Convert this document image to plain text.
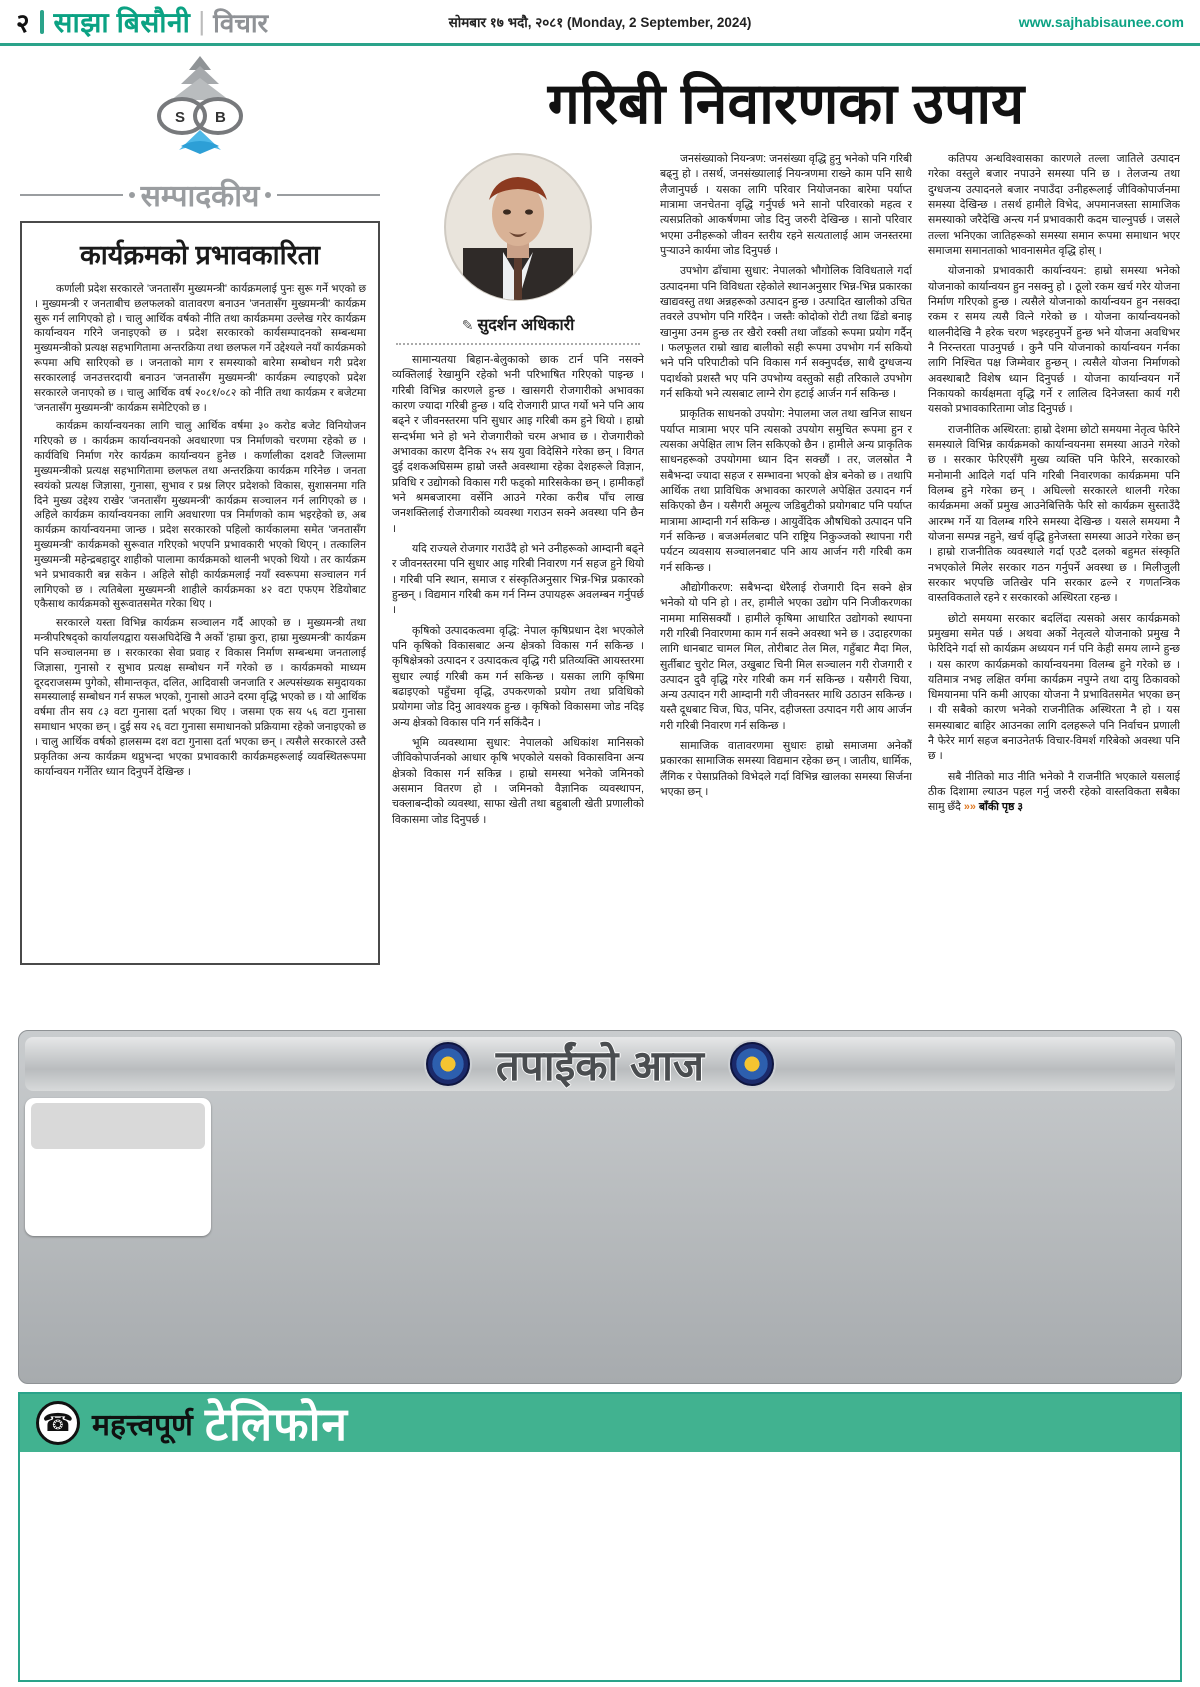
२ साझा बिसौनी | विचार	सोमबार १७ भदौ, २०८१ (Monday, 2 September, 2024)	www.sajhabisaunee.com
गरिबी निवारणका उपाय
S B
सम्पादकीय
कार्यक्रमको प्रभावकारिता

कर्णाली प्रदेश सरकारले 'जनतासँग मुख्यमन्त्री' कार्यक्रमलाई पुनः सुरू गर्ने भएको छ । मुख्यमन्त्री र जनताबीच छलफलको वातावरण बनाउन 'जनतासँग मुख्यमन्त्री' कार्यक्रम सुरू गर्न लागिएको हो । चालु आर्थिक वर्षको नीति तथा कार्यक्रममा उल्लेख गरेर कार्यक्रम कार्यान्वयन गरिने जनाइएको छ । प्रदेश सरकारको कार्यसम्पादनको सम्बन्धमा मुख्यमन्त्रीको प्रत्यक्ष सहभागितामा अन्तरक्रिया तथा छलफल गर्ने उद्देश्यले नयाँ कार्यक्रमको रूपमा अघि सारिएको छ । जनताको माग र समस्याको बारेमा सम्बोधन गरी प्रदेश सरकारलाई जनउत्तरदायी बनाउन 'जनतासँग मुख्यमन्त्री' कार्यक्रम ल्याइएको प्रदेश सरकारले जनाएको छ । चालु आर्थिक वर्ष २०८१/०८२ को नीति तथा कार्यक्रम र बजेटमा 'जनतासँग मुख्यमन्त्री' कार्यक्रम समेटिएको छ ।

कार्यक्रम कार्यान्वयनका लागि चालु आर्थिक वर्षमा ३० करोड बजेट विनियोजन गरिएको छ । कार्यक्रम कार्यान्वयनको अवधारणा पत्र निर्माणको चरणमा रहेको छ । कार्यविधि निर्माण गरेर कार्यक्रम कार्यान्वयन हुनेछ । कर्णालीका दशवटै जिल्लामा मुख्यमन्त्रीको प्रत्यक्ष सहभागितामा छलफल तथा अन्तरक्रिया कार्यक्रम गरिनेछ । जनता स्वयंको प्रत्यक्ष जिज्ञासा, गुनासा, सुभाव र प्रश्न लिएर प्रदेशको विकास, सुशासनमा गति दिने मुख्य उद्देश्य राखेर 'जनतासँग मुख्यमन्त्री' कार्यक्रम सञ्चालन गर्न लागिएको छ । अहिले कार्यक्रम कार्यान्वयनका लागि अवधारणा पत्र निर्माणको काम भइरहेको छ, अब कार्यक्रम कार्यान्वयनमा जान्छ । प्रदेश सरकारको पहिलो कार्यकालमा समेत 'जनतासँग मुख्यमन्त्री' कार्यक्रमको सुरूवात गरिएको भएपनि प्रभावकारी भएको थिएन् । तत्कालिन मुख्यमन्त्री महेन्द्रबहादुर शाहीको पालामा कार्यक्रमको थालनी भएको थियो । तर कार्यक्रम भने प्रभावकारी बन्न सकेन । अहिले सोही कार्यक्रमलाई नयाँ स्वरूपमा सञ्चालन गर्न लागिएको छ । त्यतिबेला मुख्यमन्त्री शाहीले कार्यक्रमका ४२ वटा एफएम रेडियोबाट एकैसाथ कार्यक्रमको सुरूवातसमेत गरेका थिए ।

सरकारले यस्ता विभिन्न कार्यक्रम सञ्चालन गर्दै आएको छ । मुख्यमन्त्री तथा मन्त्रीपरिषद्को कार्यालयद्वारा यसअघिदेखि नै अर्को 'हाम्रा कुरा, हाम्रा मुख्यमन्त्री' कार्यक्रम पनि सञ्चालनमा छ । सरकारका सेवा प्रवाह र विकास निर्माण सम्बन्धमा जनतालाई जिज्ञासा, गुनासो र सुभाव प्रत्यक्ष सम्बोधन गर्ने गरेको छ । कार्यक्रमको माध्यम दूरदराजसम्म पुगेको, सीमान्तकृत, दलित, आदिवासी जनजाति र अल्पसंख्यक समुदायका समस्यालाई सम्बोधन गर्न सफल भएको, गुनासो आउने दरमा वृद्धि भएको छ । यो आर्थिक वर्षमा तीन सय ८३ वटा गुनासा दर्ता भएका थिए । जसमा एक सय ५६ वटा गुनासा समाधान भएका छन् । दुई सय २६ वटा गुनासा समाधानको प्रक्रियामा रहेको जनाइएको छ । चालु आर्थिक वर्षको हालसम्म दश वटा गुनासा दर्ता भएका छन् । त्यसैले सरकारले उस्तै प्रकृतिका अन्य कार्यक्रम थप्नुभन्दा भएका प्रभावकारी कार्यक्रमहरूलाई व्यवस्थितरूपमा कार्यान्वयन गर्नेतिर ध्यान दिनुपर्ने देखिन्छ ।

✎ सुदर्शन अधिकारी

सामान्यतया बिहान-बेलुकाको छाक टार्न पनि नसक्ने व्यक्तिलाई रेखामुनि रहेको भनी परिभाषित गरिएको पाइन्छ । गरिबी विभिन्न कारणले हुन्छ । खासगरी रोजगारीको अभावका कारण ज्यादा गरिबी हुन्छ । यदि रोजगारी प्राप्त गर्यो भने पनि आय बढ्ने र जीवनस्तरमा पनि सुधार आइ गरिबी कम हुने थियो । हाम्रो सन्दर्भमा भने हो भने रोजगारीको चरम अभाव छ । रोजगारीको अभावका कारण दैनिक २५ सय युवा विदेसिने गरेका छन् । विगत दुई दशकअघिसम्म हाम्रो जस्तै अवस्थामा रहेका देशहरूले विज्ञान, प्रविधि र उद्योगको विकास गरी फड्को मारिसकेका छन् । हामीकहाँ भने श्रमबजारमा वर्सेनि आउने गरेका करीब पाँच लाख जनशक्तिलाई रोजगारीको व्यवस्था गराउन सक्ने अवस्था पनि छैन ।

यदि राज्यले रोजगार गराउँदै हो भने उनीहरूको आम्दानी बढ्ने र जीवनस्तरमा पनि सुधार आइ गरिबी निवारण गर्न सहज हुने थियो । गरिबी पनि स्थान, समाज र संस्कृतिअनुसार भिन्न-भिन्न प्रकारको हुन्छन् । विद्यमान गरिबी कम गर्न निम्न उपायहरू अवलम्बन गर्नुपर्छ ।

कृषिको उत्पादकत्वमा वृद्धि: नेपाल कृषिप्रधान देश भएकोले पनि कृषिको विकासबाट अन्य क्षेत्रको विकास गर्न सकिन्छ । कृषिक्षेत्रको उत्पादन र उत्पादकत्व वृद्धि गरी प्रतिव्यक्ति आयस्तरमा सुधार ल्याई गरिबी कम गर्न सकिन्छ । यसका लागि कृषिमा बढाइएको पहुँचमा वृद्धि, उपकरणको प्रयोग तथा प्रविधिको प्रयोगमा जोड दिनु आवश्यक हुन्छ । कृषिको विकासमा जोड नदिइ अन्य क्षेत्रको विकास पनि गर्न सकिंदैन ।

भूमि व्यवस्थामा सुधार: नेपालको अधिकांश मानिसको जीविकोपार्जनको आधार कृषि भएकोले यसको विकासविना अन्य क्षेत्रको विकास गर्न सकिन्न । हाम्रो समस्या भनेको जमिनको असमान वितरण हो । जमिनको वैज्ञानिक व्यवस्थापन, चक्लाबन्दीको व्यवस्था, साफा खेती तथा बहुबाली खेती प्रणालीको विकासमा जोड दिनुपर्छ ।

जनसंख्याको नियन्त्रण: जनसंख्या वृद्धि हुनु भनेको पनि गरिबी बढ्नु हो । तसर्थ, जनसंख्यालाई नियन्त्रणमा राख्ने काम पनि साथै लैजानुपर्छ । यसका लागि परिवार नियोजनका बारेमा पर्याप्त मात्रामा जनचेतना वृद्धि गर्नुपर्छ भने सानो परिवारको महत्व र त्यसप्रतिको आकर्षणमा जोड दिनु जरुरी देखिन्छ । सानो परिवार भएमा उनीहरूको जीवन स्तरीय रहने सत्यतालाई आम जनस्तरमा पुऱ्याउने कार्यमा जोड दिनुपर्छ ।

उपभोग ढाँचामा सुधार: नेपालको भौगोलिक विविधताले गर्दा उत्पादनमा पनि विविधता रहेकोले स्थानअनुसार भिन्न-भिन्न प्रकारका खाद्यवस्तु तथा अन्नहरूको उत्पादन हुन्छ । उत्पादित खालीको उचित तवरले उपभोग पनि गरिंदैन । जस्तैः कोदोको रोटी तथा ढिंडो बनाइ खानुमा उनम हुन्छ तर खैरो रक्सी तथा जाँडको रूपमा प्रयोग गर्दैन् । फलफूलत राम्रो खाद्य बालीको सही रूपमा उपभोग गर्न सकियो भने पनि परिपाटीको पनि विकास गर्न सक्नुपर्दछ, साथै दुग्धजन्य पदार्थको प्रशस्तै भए पनि उपभोग्य वस्तुको सही तरिकाले उपभोग गर्न सकियो भने त्यसबाट लाग्ने रोग हटाई आर्जन गर्न सकिन्छ ।

प्राकृतिक साधनको उपयोग: नेपालमा जल तथा खनिज साधन पर्याप्त मात्रामा भएर पनि त्यसको उपयोग समुचित रूपमा हुन र त्यसका अपेक्षित लाभ लिन सकिएको छैन । हामीले अन्य प्राकृतिक साधनहरूको उपयोगमा ध्यान दिन सक्छौं । तर, जलस्रोत नै सबैभन्दा ज्यादा सहज र सम्भावना भएको क्षेत्र बनेको छ । तथापि आर्थिक तथा प्राविधिक अभावका कारणले अपेक्षित उत्पादन गर्न सकिएको छैन । यसैगरी अमूल्य जडिबुटीको प्रयोगबाट पनि पर्याप्त मात्रामा आम्दानी गर्न सकिन्छ । आयुर्वेदिक औषधिको उत्पादन पनि गर्न सकिन्छ । बजअर्मलबाट पनि राष्ट्रिय निकुञ्जको स्थापना गरी पर्यटन व्यवसाय सञ्चालनबाट पनि आय आर्जन गरी गरिबी कम गर्न सकिन्छ ।

औद्योगीकरण: सबैभन्दा धेरैलाई रोजगारी दिन सक्ने क्षेत्र भनेको यो पनि हो । तर, हामीले भएका उद्योग पनि निजीकरणका नाममा मासिसक्यौं । हामीले कृषिमा आधारित उद्योगको स्थापना गरी गरिबी निवारणमा काम गर्न सक्ने अवस्था भने छ । उदाहरणका लागि धानबाट चामल मिल, तोरीबाट तेल मिल, गहुँबाट मैदा मिल, सुर्तीबाट चुरोट मिल, उखुबाट चिनी मिल सञ्चालन गरी रोजगारी र उत्पादन दुवै वृद्धि गरेर गरिबी कम गर्न सकिन्छ । यसैगरी चिया, अन्य उत्पादन गरी आम्दानी गरी जीवनस्तर माथि उठाउन सकिन्छ । यस्तै दूधबाट चिज, घिउ, पनिर, दहीजस्ता उत्पादन गरी आय आर्जन गरी गरिबी निवारण गर्न सकिन्छ ।

सामाजिक वातावरणमा सुधारः हाम्रो समाजमा अनेकौं प्रकारका सामाजिक समस्या विद्यमान रहेका छन् । जातीय, धार्मिक, लैंगिक र पेसाप्रतिको विभेदले गर्दा विभिन्न खालका समस्या सिर्जना भएका छन् ।

कतिपय अन्धविश्वासका कारणले तल्ला जातिले उत्पादन गरेका वस्तुले बजार नपाउने समस्या पनि छ । तेलजन्य तथा दुग्धजन्य उत्पादनले बजार नपाउँदा उनीहरूलाई जीविकोपार्जनमा समस्या देखिन्छ । तसर्थ हामीले विभेद, अपमानजस्ता सामाजिक समस्याको जरैदेखि अन्त्य गर्न प्रभावकारी कदम चाल्नुपर्छ । जसले तल्ला भनिएका जातिहरूको समस्या समान रूपमा समाधान भएर समाजमा समानताको भावनासमेत वृद्धि होस् ।

योजनाको प्रभावकारी कार्यान्वयन: हाम्रो समस्या भनेको योजनाको कार्यान्वयन हुन नसक्नु हो । ठूलो रकम खर्च गरेर योजना निर्माण गरिएको हुन्छ । त्यसैले योजनाको कार्यान्वयन हुन नसक्दा रकम र समय त्यसै वित्ने गरेको छ । योजना कार्यान्वयनको थालनीदेखि नै हरेक चरण भइरहनुपर्ने हुन्छ भने योजना अवधिभर नै निरन्तरता पाउनुपर्छ । कुनै पनि योजनाको कार्यान्वयन गर्नका लागि निश्चित पक्ष जिम्मेवार हुन्छन् । त्यसैले योजना निर्माणको अवस्थाबाटै विशेष ध्यान दिनुपर्छ । योजना कार्यान्वयन गर्ने निकायको कार्यक्षमता वृद्धि गर्ने र लालित्व दिनेजस्ता कार्य गरी यसको प्रभावकारितामा जोड दिनुपर्छ ।

राजनीतिक अस्थिरता: हाम्रो देशमा छोटो समयमा नेतृत्व फेरिने समस्याले विभिन्न कार्यक्रमको कार्यान्वयनमा समस्या आउने गरेको छ । सरकार फेरिएसँगै मुख्य व्यक्ति पनि फेरिने, सरकारको मनोमानी आदिले गर्दा पनि गरिबी निवारणका कार्यक्रममा पनि विलम्ब हुने गरेका छन् । अघिल्लो सरकारले थालनी गरेका कार्यक्रममा अर्को प्रमुख आउनेबित्तिकै फेरि सो कार्यक्रम सुस्ताउँदै आरम्भ गर्ने या विलम्ब गरिने समस्या देखिन्छ । यसले समयमा नै योजना सम्पन्न नहुने, खर्च वृद्धि हुनेजस्ता समस्या आउने गरेका छन् । हाम्रो राजनीतिक व्यवस्थाले गर्दा एउटै दलको बहुमत संस्कृति नभएकोले मिलेर सरकार गठन गर्नुपर्ने अवस्था छ । मिलीजुली सरकार भएपछि जतिखेर पनि सरकार ढल्ने र गणतन्त्रिक वास्तविकताले रहने र सरकारको अस्थिरता रहन्छ ।

छोटो समयमा सरकार बदलिंदा त्यसको असर कार्यक्रमको प्रमुखमा समेत पर्छ । अथवा अर्को नेतृत्वले योजनाको प्रमुख नै फेरिदिने गर्दा सो कार्यक्रम अध्ययन गर्न पनि केही समय लाग्ने हुन्छ । यस कारण कार्यक्रमको कार्यान्वयनमा विलम्ब हुने गरेको छ । यतिमात्र नभइ लक्षित वर्गमा कार्यक्रम नपुग्ने तथा दायु ठिकावको धिमयानमा पनि कमी आएका योजना नै प्रभावितसमेत भएका छन् । यी सबैको कारण भनेको राजनीतिक अस्थिरता नै हो । यस समस्याबाट बाहिर आउनका लागि दलहरूले पनि निर्वाचन प्रणाली नै फेरेर मार्ग सहज बनाउनेतर्फ विचार-विमर्श गरिबेको अवस्था पनि छ ।

सबै नीतिको माउ नीति भनेको नै राजनीति भएकाले यसलाई ठीक दिशामा ल्याउन पहल गर्नु जरुरी रहेको वास्तविकता सबैका सामु छँदै »» बाँकी पृष्ठ ३

तपाईंको आज
☎ महत्त्वपूर्ण टेलिफोन
